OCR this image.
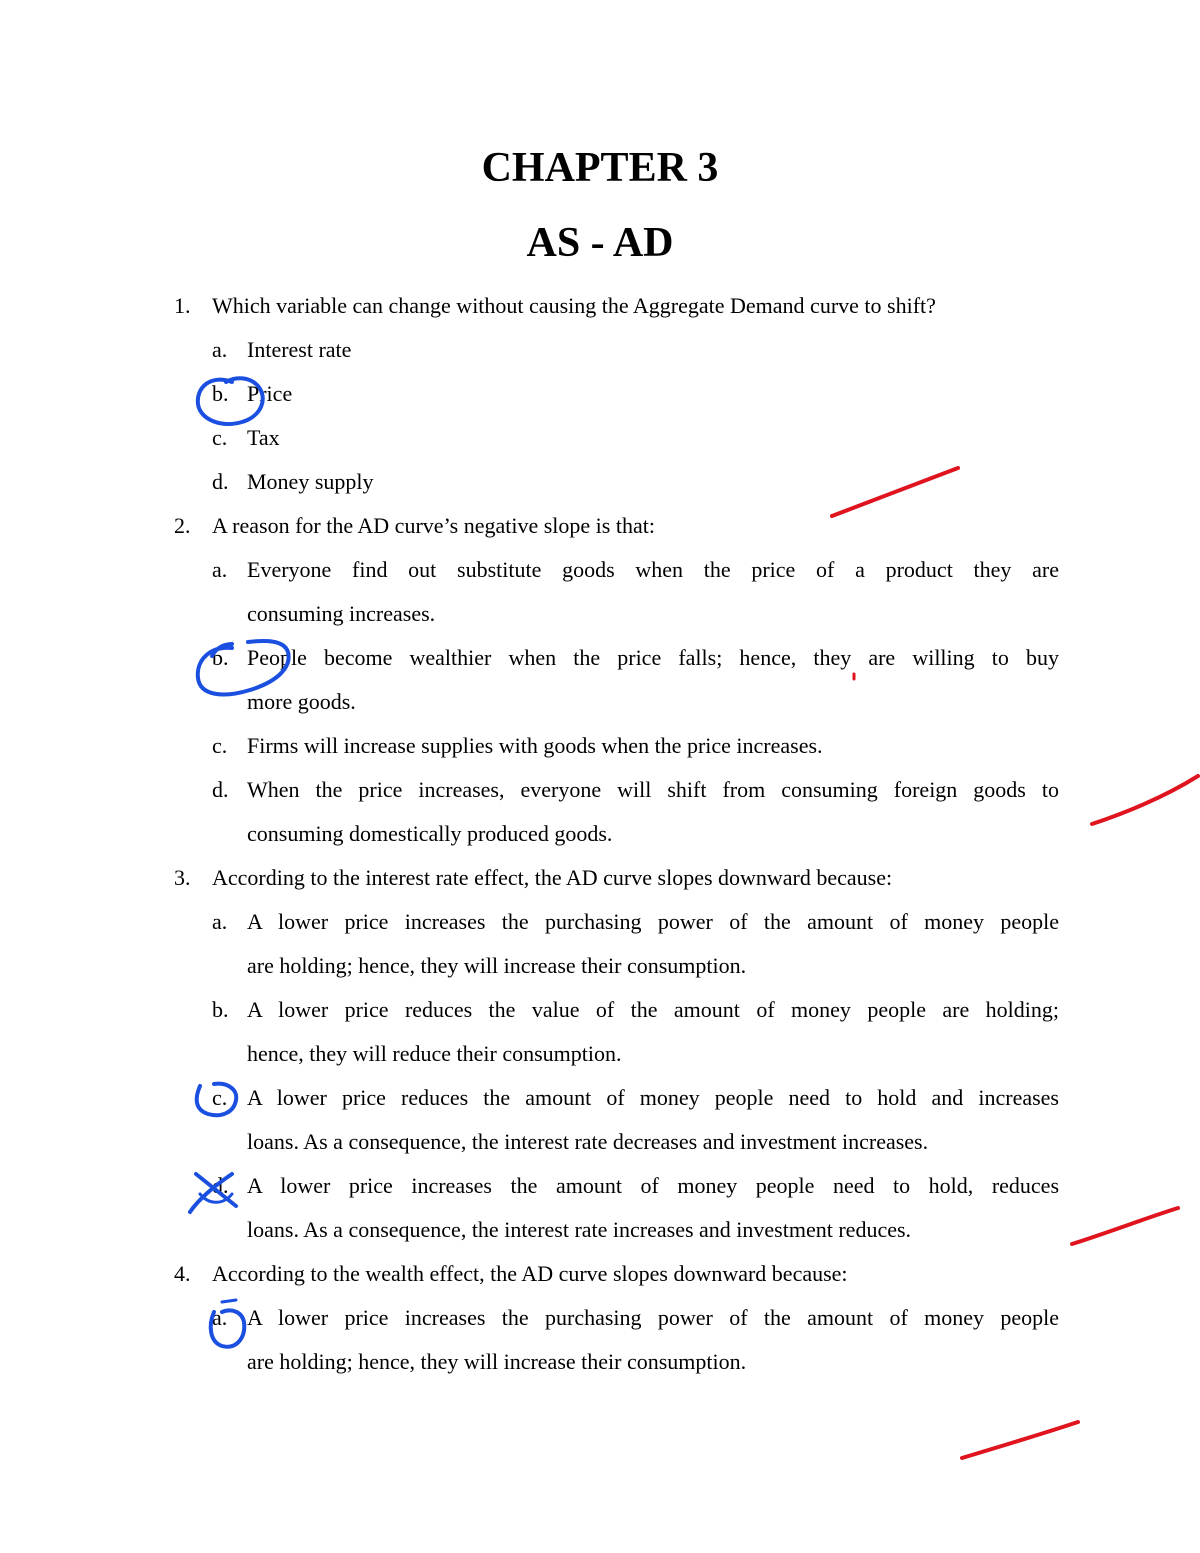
CHAPTER 3
AS - AD
1. Which variable can change without causing the Aggregate Demand curve to shift?
a. Interest rate
b. Price
c. Tax
d. Money supply
2. A reason for the AD curve’s negative slope is that:
a. Everyone find out substitute goods when the price of a product they are
consuming increases.
b. People become wealthier when the price falls; hence, they are willing to buy
more goods.
c. Firms will increase supplies with goods when the price increases.
d. When the price increases, everyone will shift from consuming foreign goods to
consuming domestically produced goods.
3. According to the interest rate effect, the AD curve slopes downward because:
a. A lower price increases the purchasing power of the amount of money people
are holding; hence, they will increase their consumption.
b. A lower price reduces the value of the amount of money people are holding;
hence, they will reduce their consumption.
c. A lower price reduces the amount of money people need to hold and increases
loans. As a consequence, the interest rate decreases and investment increases.
d. A lower price increases the amount of money people need to hold, reduces
loans. As a consequence, the interest rate increases and investment reduces.
4. According to the wealth effect, the AD curve slopes downward because:
a. A lower price increases the purchasing power of the amount of money people
are holding; hence, they will increase their consumption.
